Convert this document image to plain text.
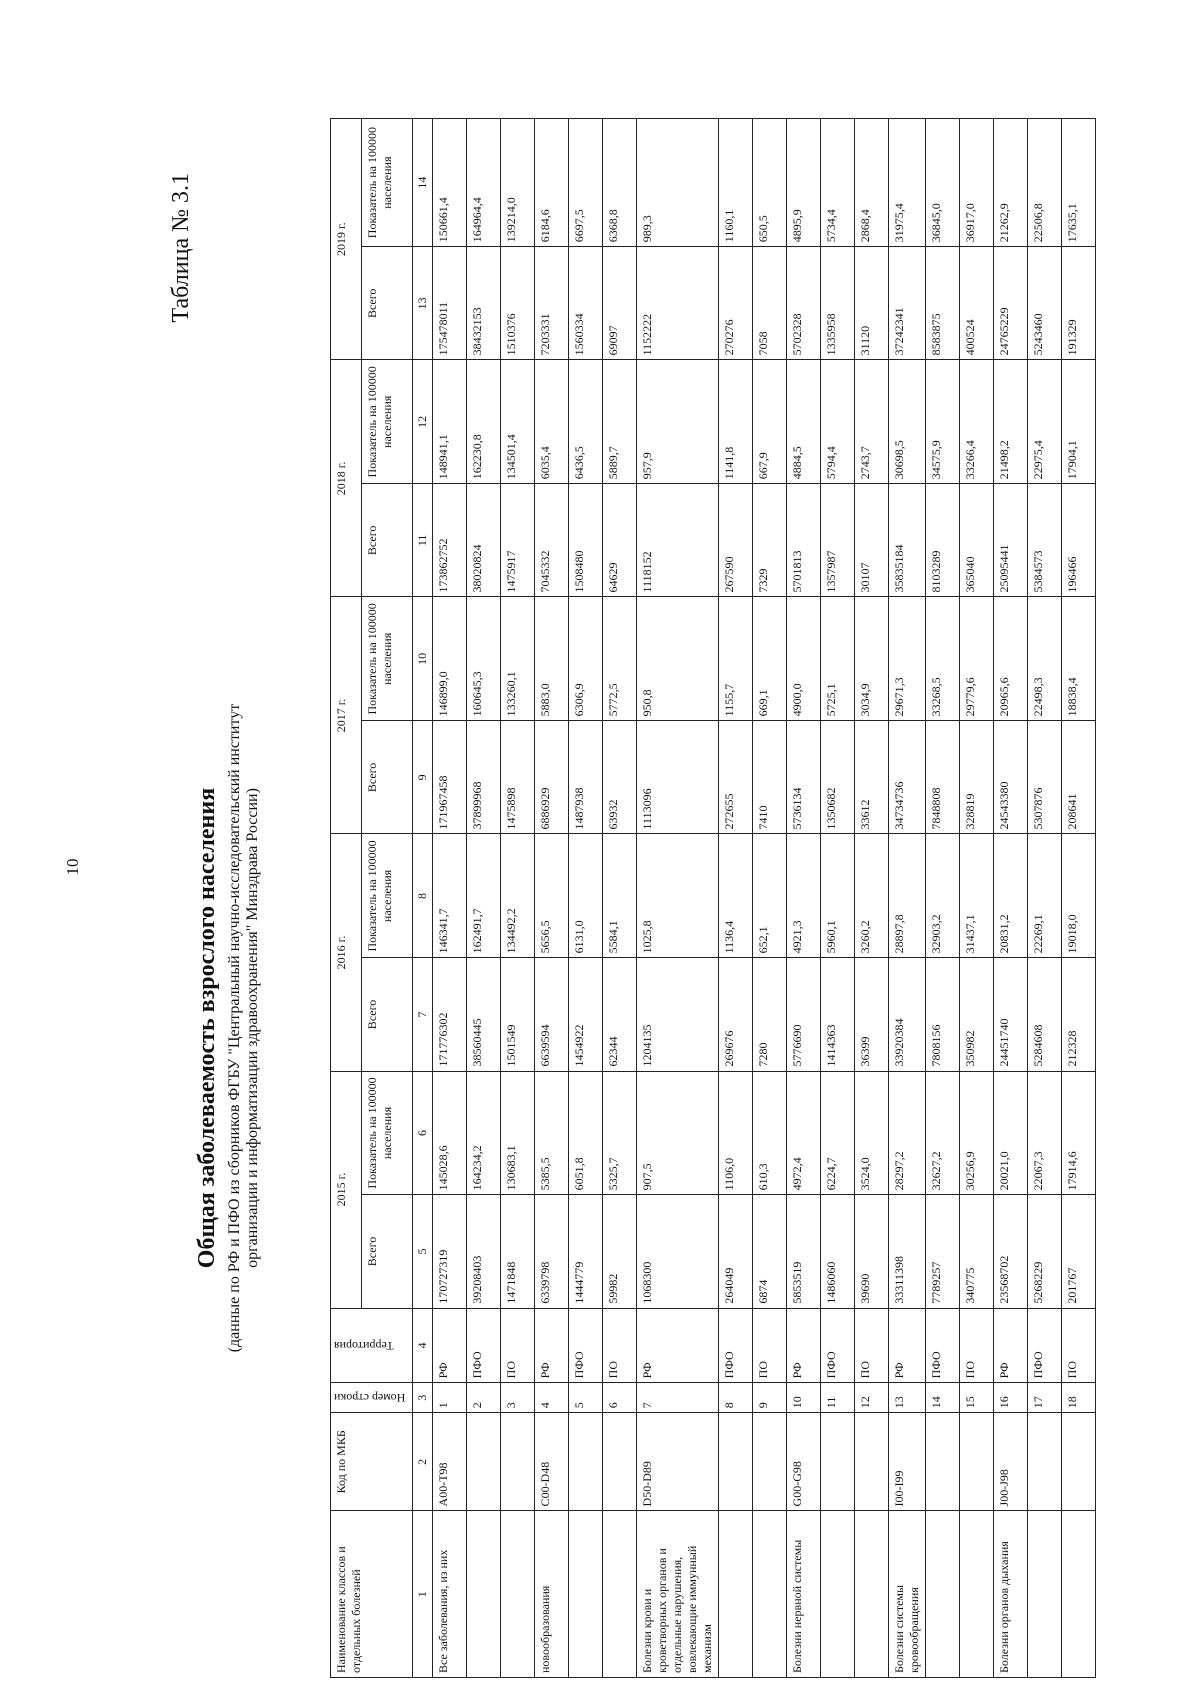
10
Таблица № 3.1
Общая заболеваемость взрослого населения (данные по РФ и ПФО из сборников ФГБУ "Центральный научно-исследовательский институт организации и информатизации здравоохранения" Минздрава России)
Наименование классов и отдельных болезней	Код по МКБ	Номер строки	Территория	2015 г.		2016 г.		2017 г.		2018 г.		2019 г.	
				Всего	Показатель на 100000 населения	Всего	Показатель на 100000 населения	Всего	Показатель на 100000 населения	Всего	Показатель на 100000 населения	Всего	Показатель на 100000 населения
1	2	3	4	5	6	7	8	9	10	11	12	13	14
Все заболевания, из них	A00-T98	1	РФ	170727319	145028,6	171776302	146341,7	171967458	146899,0	173862752	148941,1	175478011	150661,4
		2	ПФО	39208403	164234,2	38560445	162491,7	37899968	160645,3	38020824	162230,8	38432153	164964,4
		3	ПО	1471848	130683,1	1501549	134492,2	1475898	133260,1	1475917	134501,4	1510376	139214,0
новообразования	C00-D48	4	РФ	6339798	5385,5	6639594	5656,5	6886929	5883,0	7045332	6035,4	7203331	6184,6
		5	ПФО	1444779	6051,8	1454922	6131,0	1487938	6306,9	1508480	6436,5	1560334	6697,5
		6	ПО	59982	5325,7	62344	5584,1	63932	5772,5	64629	5889,7	69097	6368,8
Болезни крови и кроветворных органов и отдельные нарушения, вовлекающие иммунный механизм	D50-D89	7	РФ	1068300	907,5	1204135	1025,8	1113096	950,8	1118152	957,9	1152222	989,3
		8	ПФО	264049	1106,0	269676	1136,4	272655	1155,7	267590	1141,8	270276	1160,1
		9	ПО	6874	610,3	7280	652,1	7410	669,1	7329	667,9	7058	650,5
Болезни нервной системы	G00-G98	10	РФ	5853519	4972,4	5776690	4921,3	5736134	4900,0	5701813	4884,5	5702328	4895,9
		11	ПФО	1486060	6224,7	1414363	5960,1	1350682	5725,1	1357987	5794,4	1335958	5734,4
		12	ПО	39690	3524,0	36399	3260,2	33612	3034,9	30107	2743,7	31120	2868,4
Болезни системы кровообращения	I00-I99	13	РФ	33311398	28297,2	33920384	28897,8	34734736	29671,3	35835184	30698,5	37242341	31975,4
		14	ПФО	7789257	32627,2	7808156	32903,2	7848808	33268,5	8103289	34575,9	8583875	36845,0
		15	ПО	340775	30256,9	350982	31437,1	328819	29779,6	365040	33266,4	400524	36917,0
Болезни органов дыхания	J00-J98	16	РФ	23568702	20021,0	24451740	20831,2	24543380	20965,6	25095441	21498,2	24765229	21262,9
		17	ПФО	5268229	22067,3	5284608	22269,1	5307876	22498,3	5384573	22975,4	5243460	22506,8
		18	ПО	201767	17914,6	212328	19018,0	208641	18838,4	196466	17904,1	191329	17635,1
